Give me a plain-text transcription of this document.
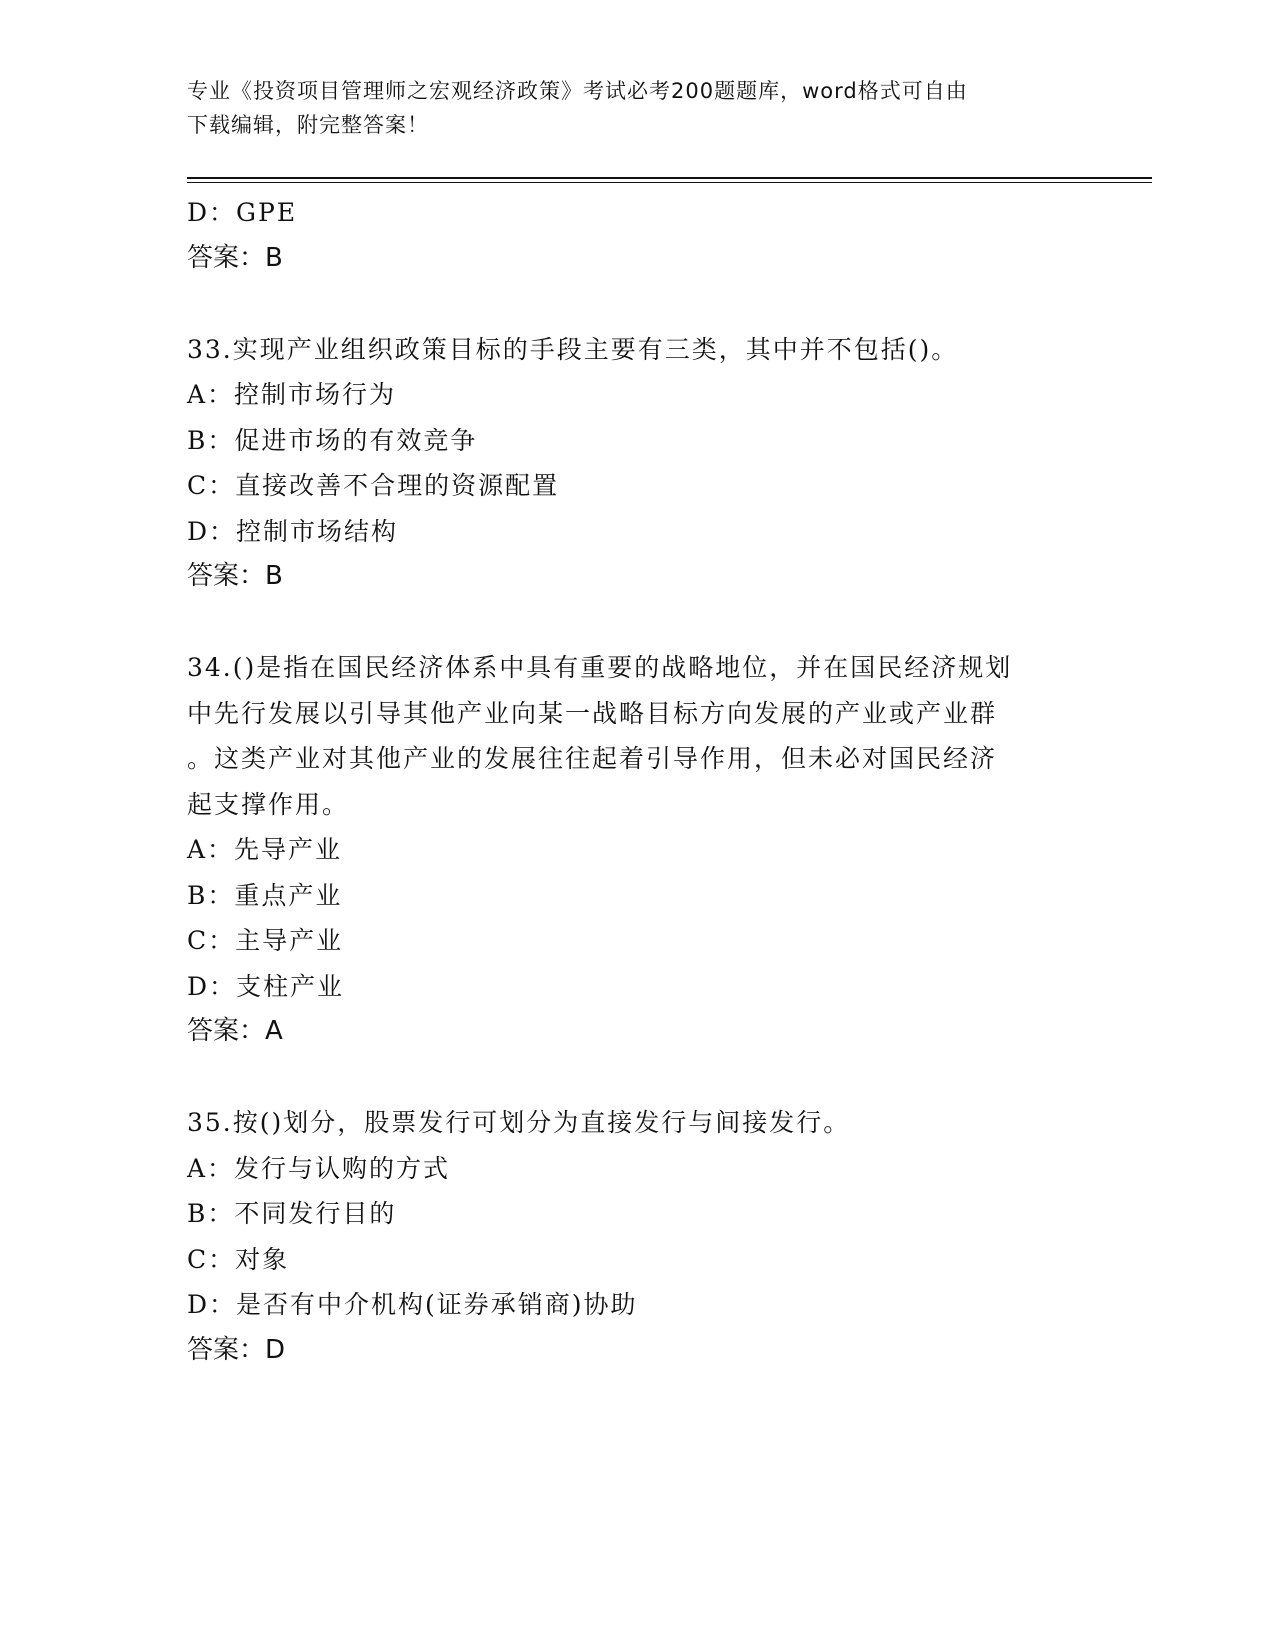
专业《投资项目管理师之宏观经济政策》考试必考200题题库，word格式可自由
下载编辑，附完整答案！
D：GPE
答案：B
33.实现产业组织政策目标的手段主要有三类，其中并不包括()。
A：控制市场行为
B：促进市场的有效竞争
C：直接改善不合理的资源配置
D：控制市场结构
答案：B
34.()是指在国民经济体系中具有重要的战略地位，并在国民经济规划
中先行发展以引导其他产业向某一战略目标方向发展的产业或产业群
。这类产业对其他产业的发展往往起着引导作用，但未必对国民经济
起支撑作用。
A：先导产业
B：重点产业
C：主导产业
D：支柱产业
答案：A
35.按()划分，股票发行可划分为直接发行与间接发行。
A：发行与认购的方式
B：不同发行目的
C：对象
D：是否有中介机构(证券承销商)协助
答案：D
